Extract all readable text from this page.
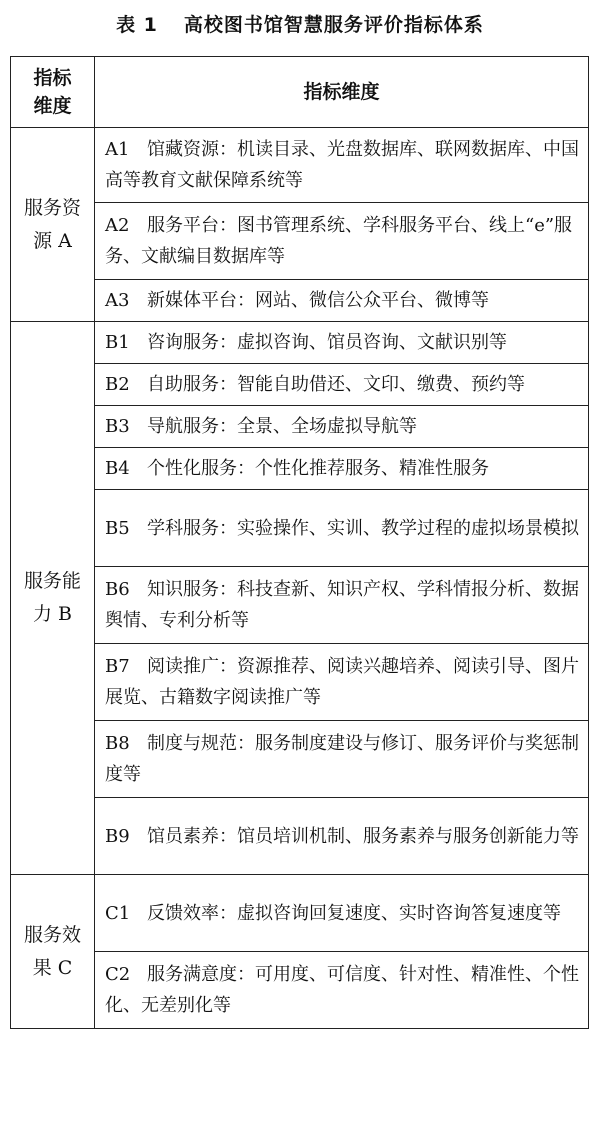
表 1 高校图书馆智慧服务评价指标体系
指标维度	指标维度
服务资源 A	A1 馆藏资源：机读目录、光盘数据库、联网数据库、中国高等教育文献保障系统等
	A2 服务平台：图书管理系统、学科服务平台、线上“e”服务、文献编目数据库等
	A3 新媒体平台：网站、微信公众平台、微博等
服务能力 B	B1 咨询服务：虚拟咨询、馆员咨询、文献识别等
	B2 自助服务：智能自助借还、文印、缴费、预约等
	B3 导航服务：全景、全场虚拟导航等
	B4 个性化服务：个性化推荐服务、精准性服务
	B5 学科服务：实验操作、实训、教学过程的虚拟场景模拟
	B6 知识服务：科技查新、知识产权、学科情报分析、数据舆情、专利分析等
	B7 阅读推广：资源推荐、阅读兴趣培养、阅读引导、图片展览、古籍数字阅读推广等
	B8 制度与规范：服务制度建设与修订、服务评价与奖惩制度等
	B9 馆员素养：馆员培训机制、服务素养与服务创新能力等
服务效果 C	C1 反馈效率：虚拟咨询回复速度、实时咨询答复速度等
	C2 服务满意度：可用度、可信度、针对性、精准性、个性化、无差别化等
